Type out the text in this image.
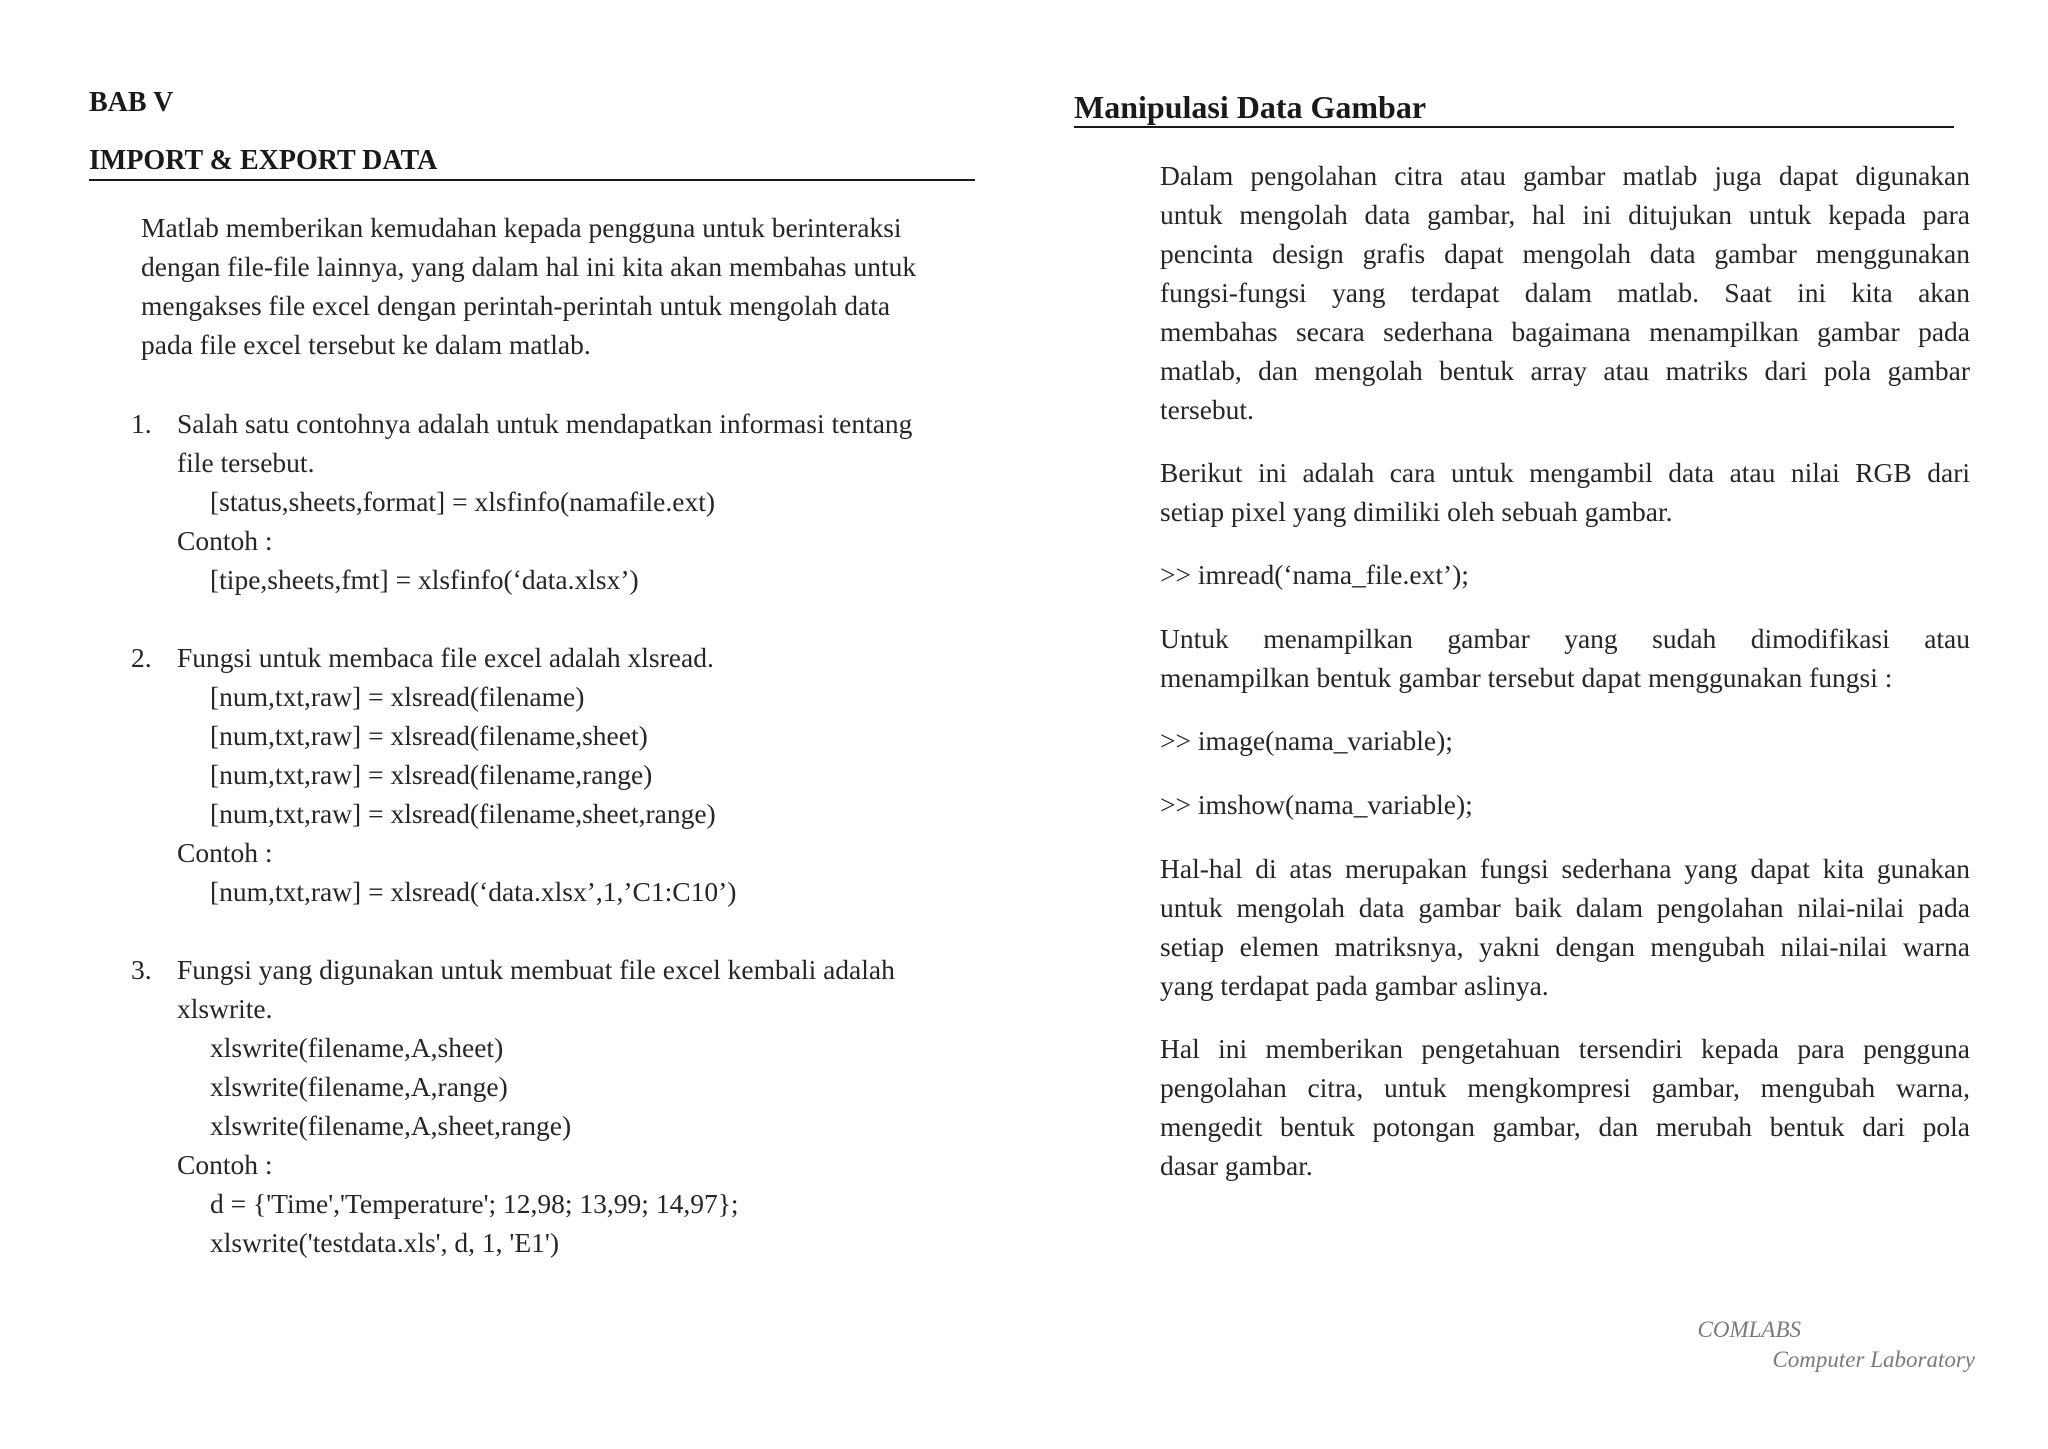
BAB V
IMPORT & EXPORT DATA

Matlab memberikan kemudahan kepada pengguna untuk berinteraksi
dengan file-file lainnya, yang dalam hal ini kita akan membahas untuk
mengakses file excel dengan perintah-perintah untuk mengolah data
pada file excel tersebut ke dalam matlab.

1. Salah satu contohnya adalah untuk mendapatkan informasi tentang
file tersebut.
[status,sheets,format] = xlsfinfo(namafile.ext)
Contoh :
[tipe,sheets,fmt] = xlsfinfo(‘data.xlsx’)
2. Fungsi untuk membaca file excel adalah xlsread.
[num,txt,raw] = xlsread(filename)
[num,txt,raw] = xlsread(filename,sheet)
[num,txt,raw] = xlsread(filename,range)
[num,txt,raw] = xlsread(filename,sheet,range)
Contoh :
[num,txt,raw] = xlsread(‘data.xlsx’,1,’C1:C10’)
3. Fungsi yang digunakan untuk membuat file excel kembali adalah
xlswrite.
xlswrite(filename,A,sheet)
xlswrite(filename,A,range)
xlswrite(filename,A,sheet,range)
Contoh :
d = {'Time','Temperature'; 12,98; 13,99; 14,97};
xlswrite('testdata.xls', d, 1, 'E1')
Manipulasi Data Gambar

Dalam pengolahan citra atau gambar matlab juga dapat digunakan
untuk mengolah data gambar, hal ini ditujukan untuk kepada para
pencinta design grafis dapat mengolah data gambar menggunakan
fungsi-fungsi yang terdapat dalam matlab. Saat ini kita akan
membahas secara sederhana bagaimana menampilkan gambar pada
matlab, dan mengolah bentuk array atau matriks dari pola gambar
tersebut.

Berikut ini adalah cara untuk mengambil data atau nilai RGB dari
setiap pixel yang dimiliki oleh sebuah gambar.

>> imread(‘nama_file.ext’);

Untuk menampilkan gambar yang sudah dimodifikasi atau
menampilkan bentuk gambar tersebut dapat menggunakan fungsi :

>> image(nama_variable);

>> imshow(nama_variable);

Hal-hal di atas merupakan fungsi sederhana yang dapat kita gunakan
untuk mengolah data gambar baik dalam pengolahan nilai-nilai pada
setiap elemen matriksnya, yakni dengan mengubah nilai-nilai warna
yang terdapat pada gambar aslinya.

Hal ini memberikan pengetahuan tersendiri kepada para pengguna
pengolahan citra, untuk mengkompresi gambar, mengubah warna,
mengedit bentuk potongan gambar, dan merubah bentuk dari pola
dasar gambar.

COMLABS
Computer Laboratory
